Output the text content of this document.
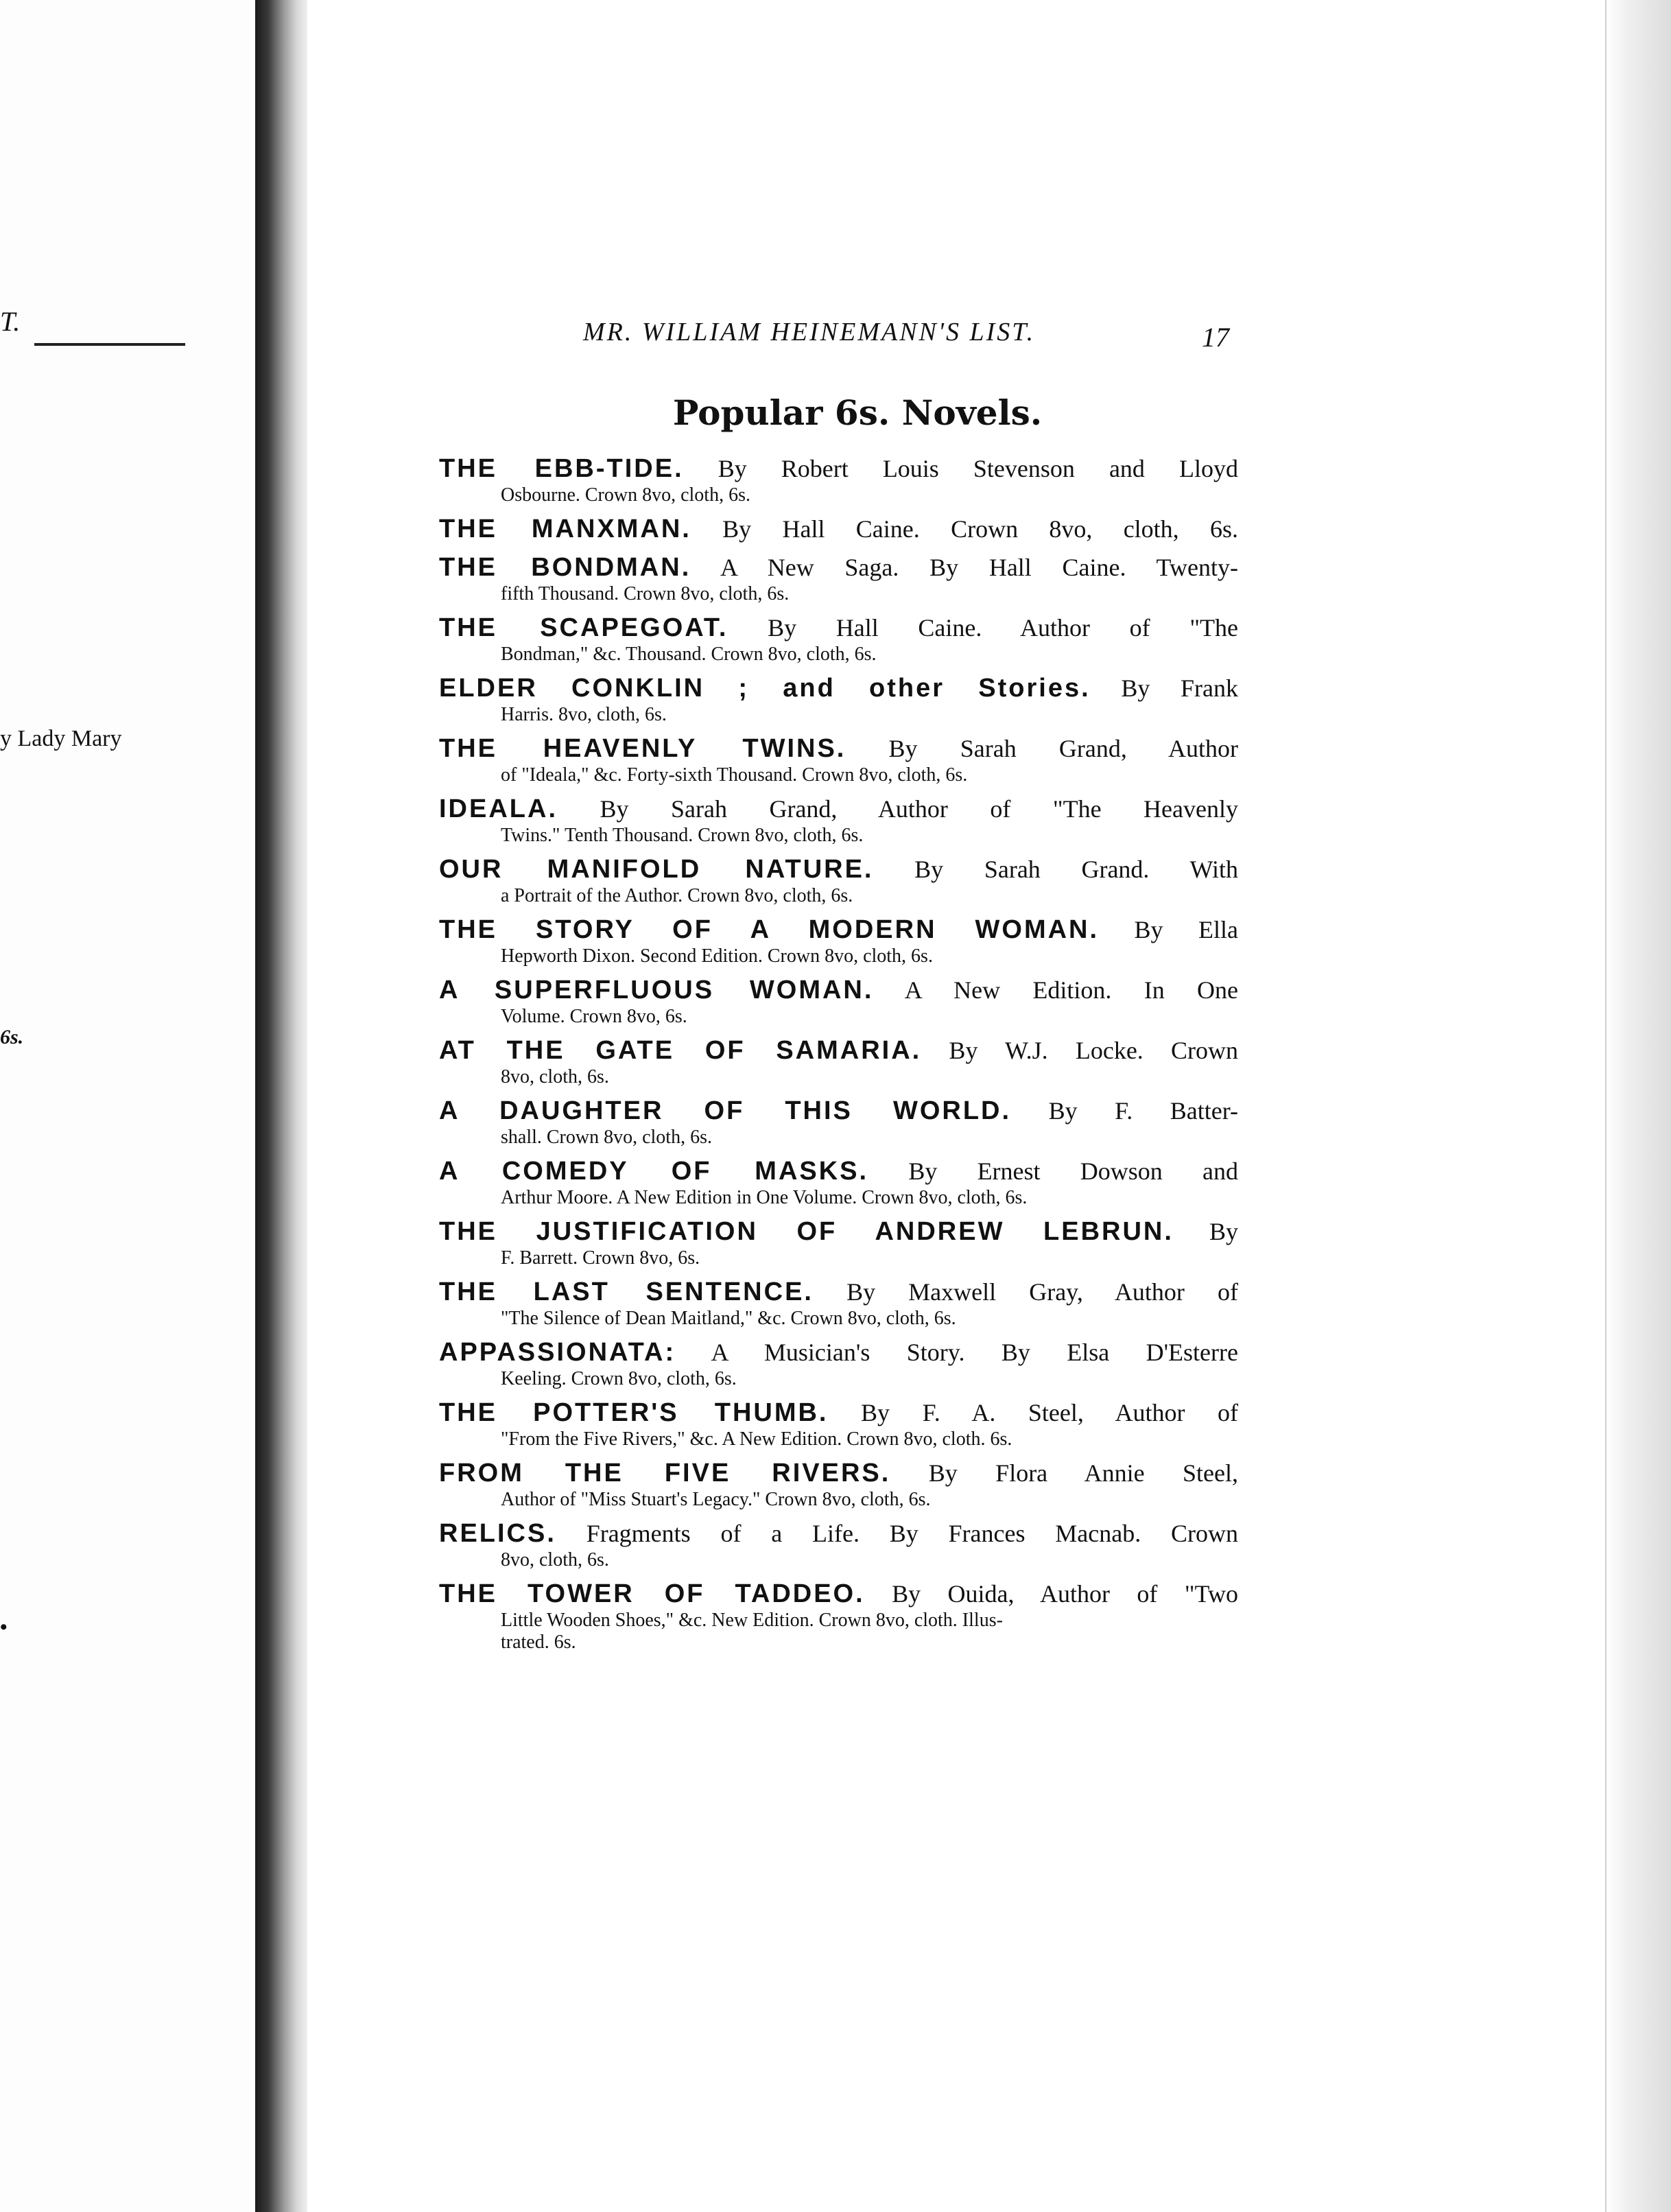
T.
y Lady Mary
6s.
•
MR. WILLIAM HEINEMANN'S LIST.	17
Popular 6s. Novels.
THE EBB-TIDE. By Robert Louis Stevenson and Lloyd
Osbourne. Crown 8vo, cloth, 6s.
THE MANXMAN. By Hall Caine. Crown 8vo, cloth, 6s.
THE BONDMAN. A New Saga. By Hall Caine. Twenty-
fifth Thousand. Crown 8vo, cloth, 6s.
THE SCAPEGOAT. By Hall Caine. Author of "The
Bondman," &c. Thousand. Crown 8vo, cloth, 6s.
ELDER CONKLIN ; and other Stories. By Frank
Harris. 8vo, cloth, 6s.
THE HEAVENLY TWINS. By Sarah Grand, Author
of "Ideala," &c. Forty-sixth Thousand. Crown 8vo, cloth, 6s.
IDEALA. By Sarah Grand, Author of "The Heavenly
Twins." Tenth Thousand. Crown 8vo, cloth, 6s.
OUR MANIFOLD NATURE. By Sarah Grand. With
a Portrait of the Author. Crown 8vo, cloth, 6s.
THE STORY OF A MODERN WOMAN. By Ella
Hepworth Dixon. Second Edition. Crown 8vo, cloth, 6s.
A SUPERFLUOUS WOMAN. A New Edition. In One
Volume. Crown 8vo, 6s.
AT THE GATE OF SAMARIA. By W.J. Locke. Crown
8vo, cloth, 6s.
A DAUGHTER OF THIS WORLD. By F. Batter-
shall. Crown 8vo, cloth, 6s.
A COMEDY OF MASKS. By Ernest Dowson and
Arthur Moore. A New Edition in One Volume. Crown 8vo, cloth, 6s.
THE JUSTIFICATION OF ANDREW LEBRUN. By
F. Barrett. Crown 8vo, 6s.
THE LAST SENTENCE. By Maxwell Gray, Author of
"The Silence of Dean Maitland," &c. Crown 8vo, cloth, 6s.
APPASSIONATA: A Musician's Story. By Elsa D'Esterre
Keeling. Crown 8vo, cloth, 6s.
THE POTTER'S THUMB. By F. A. Steel, Author of
"From the Five Rivers," &c. A New Edition. Crown 8vo, cloth. 6s.
FROM THE FIVE RIVERS. By Flora Annie Steel,
Author of "Miss Stuart's Legacy." Crown 8vo, cloth, 6s.
RELICS. Fragments of a Life. By Frances Macnab. Crown
8vo, cloth, 6s.
THE TOWER OF TADDEO. By Ouida, Author of "Two
Little Wooden Shoes," &c. New Edition. Crown 8vo, cloth. Illus-
trated. 6s.
